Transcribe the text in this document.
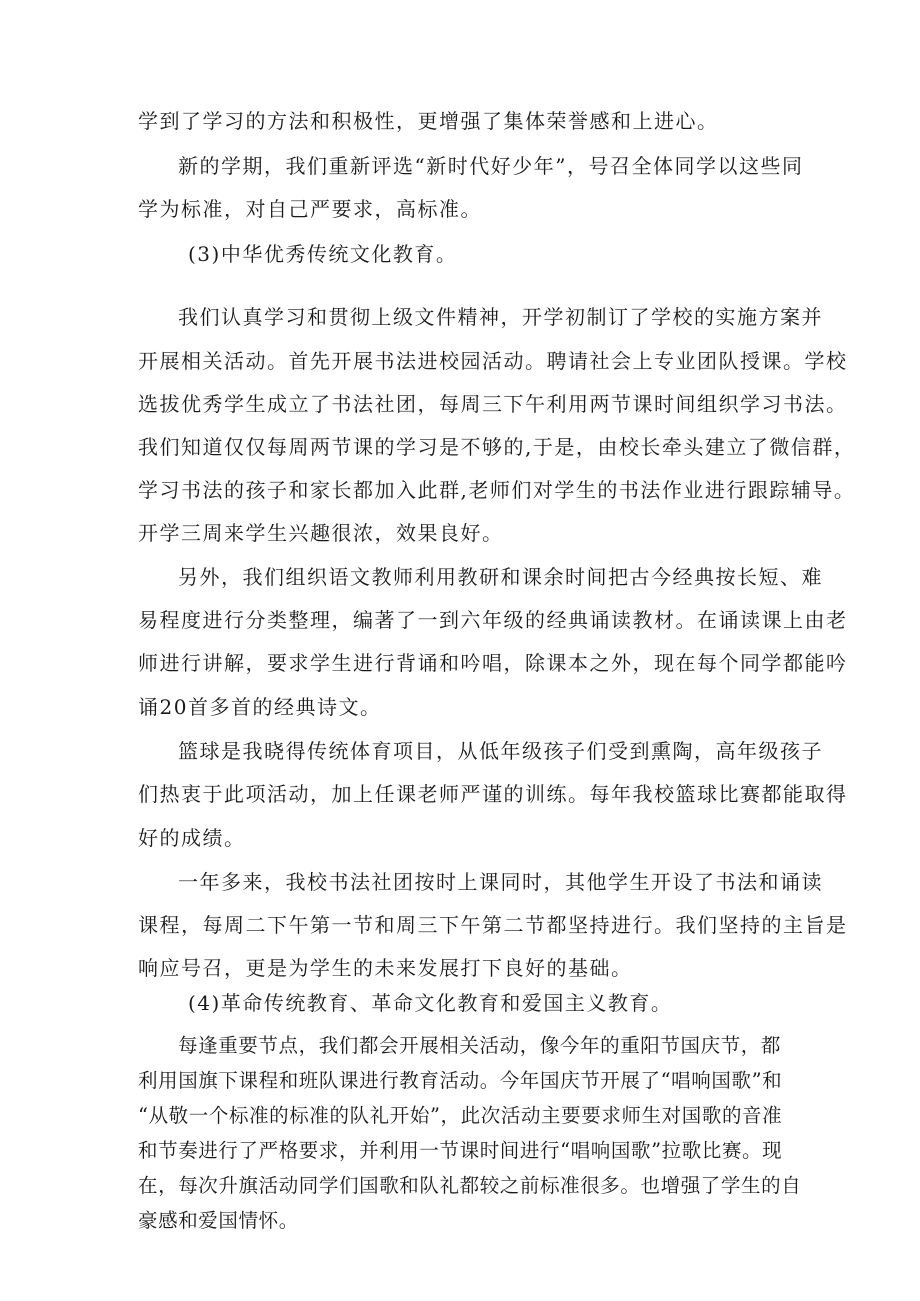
学到了学习的方法和积极性，更增强了集体荣誉感和上进心。
新的学期，我们重新评选“新时代好少年”，号召全体同学以这些同
学为标准，对自己严要求，高标准。
(3)中华优秀传统文化教育。
我们认真学习和贯彻上级文件精神，开学初制订了学校的实施方案并
开展相关活动。首先开展书法进校园活动。聘请社会上专业团队授课。学校
选拔优秀学生成立了书法社团，每周三下午利用两节课时间组织学习书法。
我们知道仅仅每周两节课的学习是不够的,于是，由校长牵头建立了微信群，
学习书法的孩子和家长都加入此群,老师们对学生的书法作业进行跟踪辅导。
开学三周来学生兴趣很浓，效果良好。
另外，我们组织语文教师利用教研和课余时间把古今经典按长短、难
易程度进行分类整理，编著了一到六年级的经典诵读教材。在诵读课上由老
师进行讲解，要求学生进行背诵和吟唱，除课本之外，现在每个同学都能吟
诵20首多首的经典诗文。
篮球是我晓得传统体育项目，从低年级孩子们受到熏陶，高年级孩子
们热衷于此项活动，加上任课老师严谨的训练。每年我校篮球比赛都能取得
好的成绩。
一年多来，我校书法社团按时上课同时，其他学生开设了书法和诵读
课程，每周二下午第一节和周三下午第二节都坚持进行。我们坚持的主旨是
响应号召，更是为学生的未来发展打下良好的基础。
(4)革命传统教育、革命文化教育和爱国主义教育。
每逢重要节点，我们都会开展相关活动，像今年的重阳节国庆节，都
利用国旗下课程和班队课进行教育活动。今年国庆节开展了“唱响国歌”和
“从敬一个标准的标准的队礼开始”，此次活动主要要求师生对国歌的音准
和节奏进行了严格要求，并利用一节课时间进行“唱响国歌”拉歌比赛。现
在，每次升旗活动同学们国歌和队礼都较之前标准很多。也增强了学生的自
豪感和爱国情怀。
